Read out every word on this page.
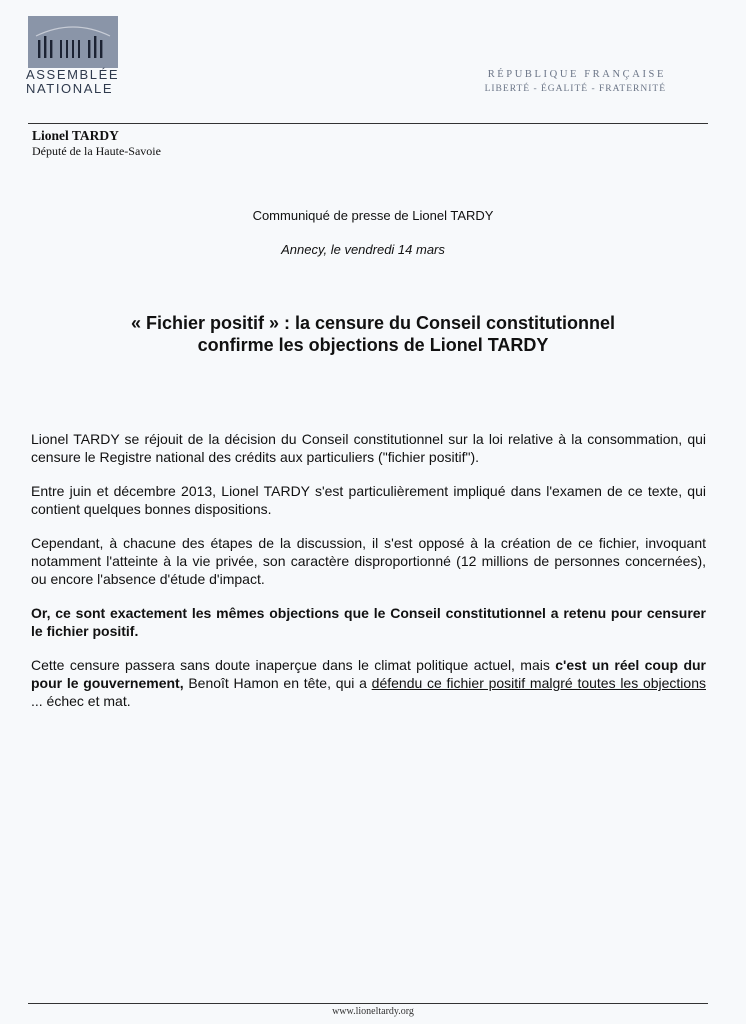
ASSEMBLÉE
NATIONALE
RÉPUBLIQUE FRANÇAISE
LIBERTÉ - ÉGALITÉ - FRATERNITÉ
Lionel TARDY
Député de la Haute-Savoie
Communiqué de presse de Lionel TARDY
Annecy, le vendredi 14 mars
« Fichier positif » : la censure du Conseil constitutionnel
confirme les objections de Lionel TARDY

Lionel TARDY se réjouit de la décision du Conseil constitutionnel sur la loi relative à la consommation, qui censure le Registre national des crédits aux particuliers ("fichier positif").

Entre juin et décembre 2013, Lionel TARDY s'est particulièrement impliqué dans l'examen de ce texte, qui contient quelques bonnes dispositions.

Cependant, à chacune des étapes de la discussion, il s'est opposé à la création de ce fichier, invoquant notamment l'atteinte à la vie privée, son caractère disproportionné (12 millions de personnes concernées), ou encore l'absence d'étude d'impact.

Or, ce sont exactement les mêmes objections que le Conseil constitutionnel a retenu pour censurer le fichier positif.

Cette censure passera sans doute inaperçue dans le climat politique actuel, mais c'est un réel coup dur pour le gouvernement, Benoît Hamon en tête, qui a défendu ce fichier positif malgré toutes les objections ... échec et mat.

www.lioneltardy.org
